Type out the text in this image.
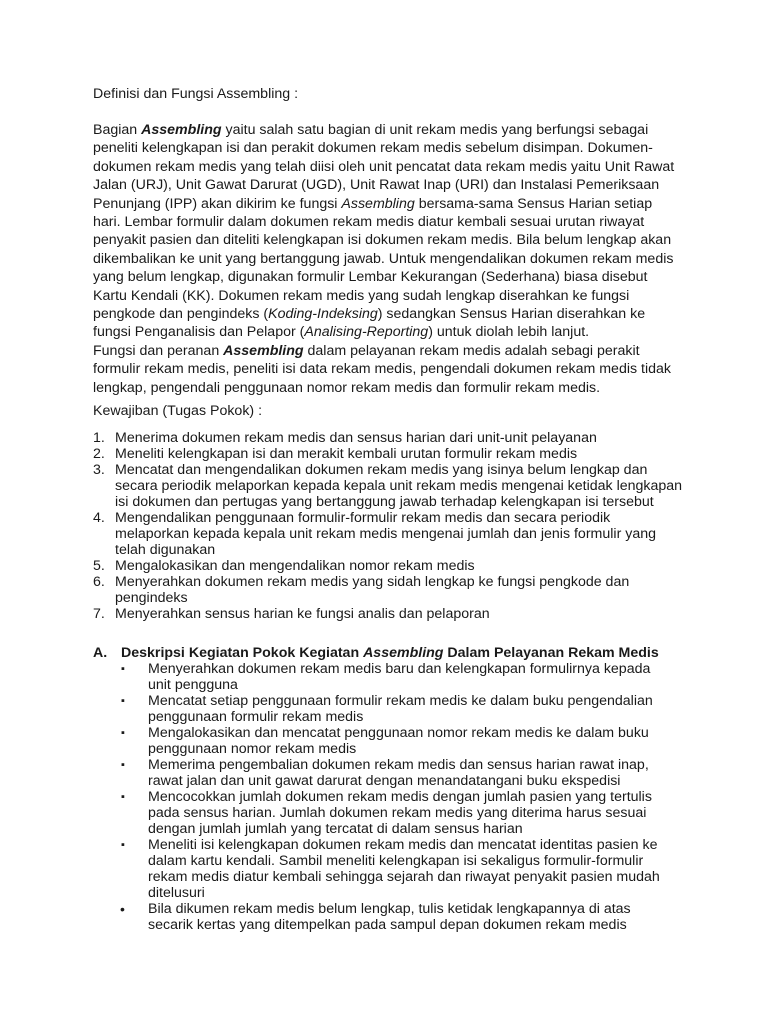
Definisi dan Fungsi Assembling :

Bagian Assembling yaitu salah satu bagian di unit rekam medis yang berfungsi sebagai peneliti kelengkapan isi dan perakit dokumen rekam medis sebelum disimpan. Dokumen-dokumen rekam medis yang telah diisi oleh unit pencatat data rekam medis yaitu Unit Rawat Jalan (URJ), Unit Gawat Darurat (UGD), Unit Rawat Inap (URI) dan Instalasi Pemeriksaan Penunjang (IPP) akan dikirim ke fungsi Assembling bersama-sama Sensus Harian setiap hari. Lembar formulir dalam dokumen rekam medis diatur kembali sesuai urutan riwayat penyakit pasien dan diteliti kelengkapan isi dokumen rekam medis. Bila belum lengkap akan dikembalikan ke unit yang bertanggung jawab. Untuk mengendalikan dokumen rekam medis yang belum lengkap, digunakan formulir Lembar Kekurangan (Sederhana) biasa disebut Kartu Kendali (KK). Dokumen rekam medis yang sudah lengkap diserahkan ke fungsi pengkode dan pengindeks (Koding-Indeksing) sedangkan Sensus Harian diserahkan ke fungsi Penganalisis dan Pelapor (Analising-Reporting) untuk diolah lebih lanjut.
Fungsi dan peranan Assembling dalam pelayanan rekam medis adalah sebagi perakit formulir rekam medis, peneliti isi data rekam medis, pengendali dokumen rekam medis tidak lengkap, pengendali penggunaan nomor rekam medis dan formulir rekam medis.

Kewajiban (Tugas Pokok) :
1. Menerima dokumen rekam medis dan sensus harian dari unit-unit pelayanan
2. Meneliti kelengkapan isi dan merakit kembali urutan formulir rekam medis
3. Mencatat dan mengendalikan dokumen rekam medis yang isinya belum lengkap dan secara periodik melaporkan kepada kepala unit rekam medis mengenai ketidak lengkapan isi dokumen dan pertugas yang bertanggung jawab terhadap kelengkapan isi tersebut
4. Mengendalikan penggunaan formulir-formulir rekam medis dan secara periodik melaporkan kepada kepala unit rekam medis mengenai jumlah dan jenis formulir yang telah digunakan
5. Mengalokasikan dan mengendalikan nomor rekam medis
6. Menyerahkan dokumen rekam medis yang sidah lengkap ke fungsi pengkode dan pengindeks
7. Menyerahkan sensus harian ke fungsi analis dan pelaporan
A. Deskripsi Kegiatan Pokok Kegiatan Assembling Dalam Pelayanan Rekam Medis
▪ Menyerahkan dokumen rekam medis baru dan kelengkapan formulirnya kepada unit pengguna
▪ Mencatat setiap penggunaan formulir rekam medis ke dalam buku pengendalian penggunaan formulir rekam medis
▪ Mengalokasikan dan mencatat penggunaan nomor rekam medis ke dalam buku penggunaan nomor rekam medis
▪ Memerima pengembalian dokumen rekam medis dan sensus harian rawat inap, rawat jalan dan unit gawat darurat dengan menandatangani buku ekspedisi
▪ Mencocokkan jumlah dokumen rekam medis dengan jumlah pasien yang tertulis pada sensus harian. Jumlah dokumen rekam medis yang diterima harus sesuai dengan jumlah jumlah yang tercatat di dalam sensus harian
▪ Meneliti isi kelengkapan dokumen rekam medis dan mencatat identitas pasien ke dalam kartu kendali. Sambil meneliti kelengkapan isi sekaligus formulir-formulir rekam medis diatur kembali sehingga sejarah dan riwayat penyakit pasien mudah ditelusuri
• Bila dikumen rekam medis belum lengkap, tulis ketidak lengkapannya di atas secarik kertas yang ditempelkan pada sampul depan dokumen rekam medis
